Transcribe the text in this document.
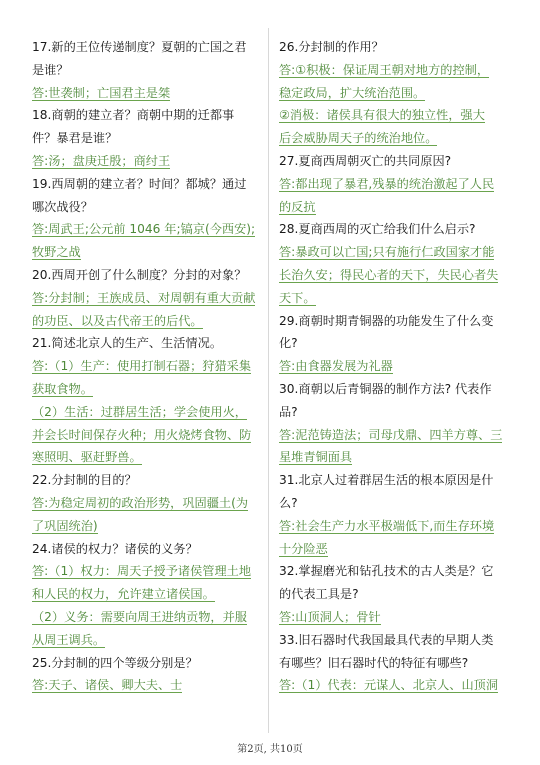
17.新的王位传递制度？夏朝的亡国之君
是谁？
答:世袭制；亡国君主是桀
18.商朝的建立者？商朝中期的迁都事
件？暴君是谁？
答:汤；盘庚迁殷；商纣王
19.西周朝的建立者？时间？都城？通过
哪次战役？
答:周武王;公元前 1046 年;镐京(今西安);
牧野之战
20.西周开创了什么制度？分封的对象？
答:分封制；王族成员、对周朝有重大贡献
的功臣、以及古代帝王的后代。
21.简述北京人的生产、生活情况。
答:（1）生产：使用打制石器；狩猎采集
获取食物。
（2）生活：过群居生活；学会使用火，
并会长时间保存火种；用火烧烤食物、防
寒照明、驱赶野兽。
22.分封制的目的？
答:为稳定周初的政治形势，巩固疆土(为
了巩固统治)
24.诸侯的权力？诸侯的义务？
答:（1）权力：周天子授予诸侯管理土地
和人民的权力，允许建立诸侯国。
（2）义务：需要向周王进纳贡物，并服
从周王调兵。
25.分封制的四个等级分别是？
答:天子、诸侯、卿大夫、士
26.分封制的作用？
答:①积极：保证周王朝对地方的控制，
稳定政局，扩大统治范围。
②消极：诸侯具有很大的独立性，强大
后会威胁周天子的统治地位。
27.夏商西周朝灭亡的共同原因?
答:都出现了暴君,残暴的统治激起了人民
的反抗
28.夏商西周的灭亡给我们什么启示?
答:暴政可以亡国;只有施行仁政国家才能
长治久安；得民心者的天下，失民心者失
天下。
29.商朝时期青铜器的功能发生了什么变
化?
答:由食器发展为礼器
30.商朝以后青铜器的制作方法? 代表作
品?
答:泥范铸造法；司母戊鼎、四羊方尊、三
星堆青铜面具
31.北京人过着群居生活的根本原因是什
么?
答:社会生产力水平极端低下,而生存环境
十分险恶
32.掌握磨光和钻孔技术的古人类是？它
的代表工具是?
答:山顶洞人；骨针
33.旧石器时代我国最具代表的早期人类
有哪些？旧石器时代的特征有哪些?
答:（1）代表：元谋人、北京人、山顶洞
第2页, 共10页
